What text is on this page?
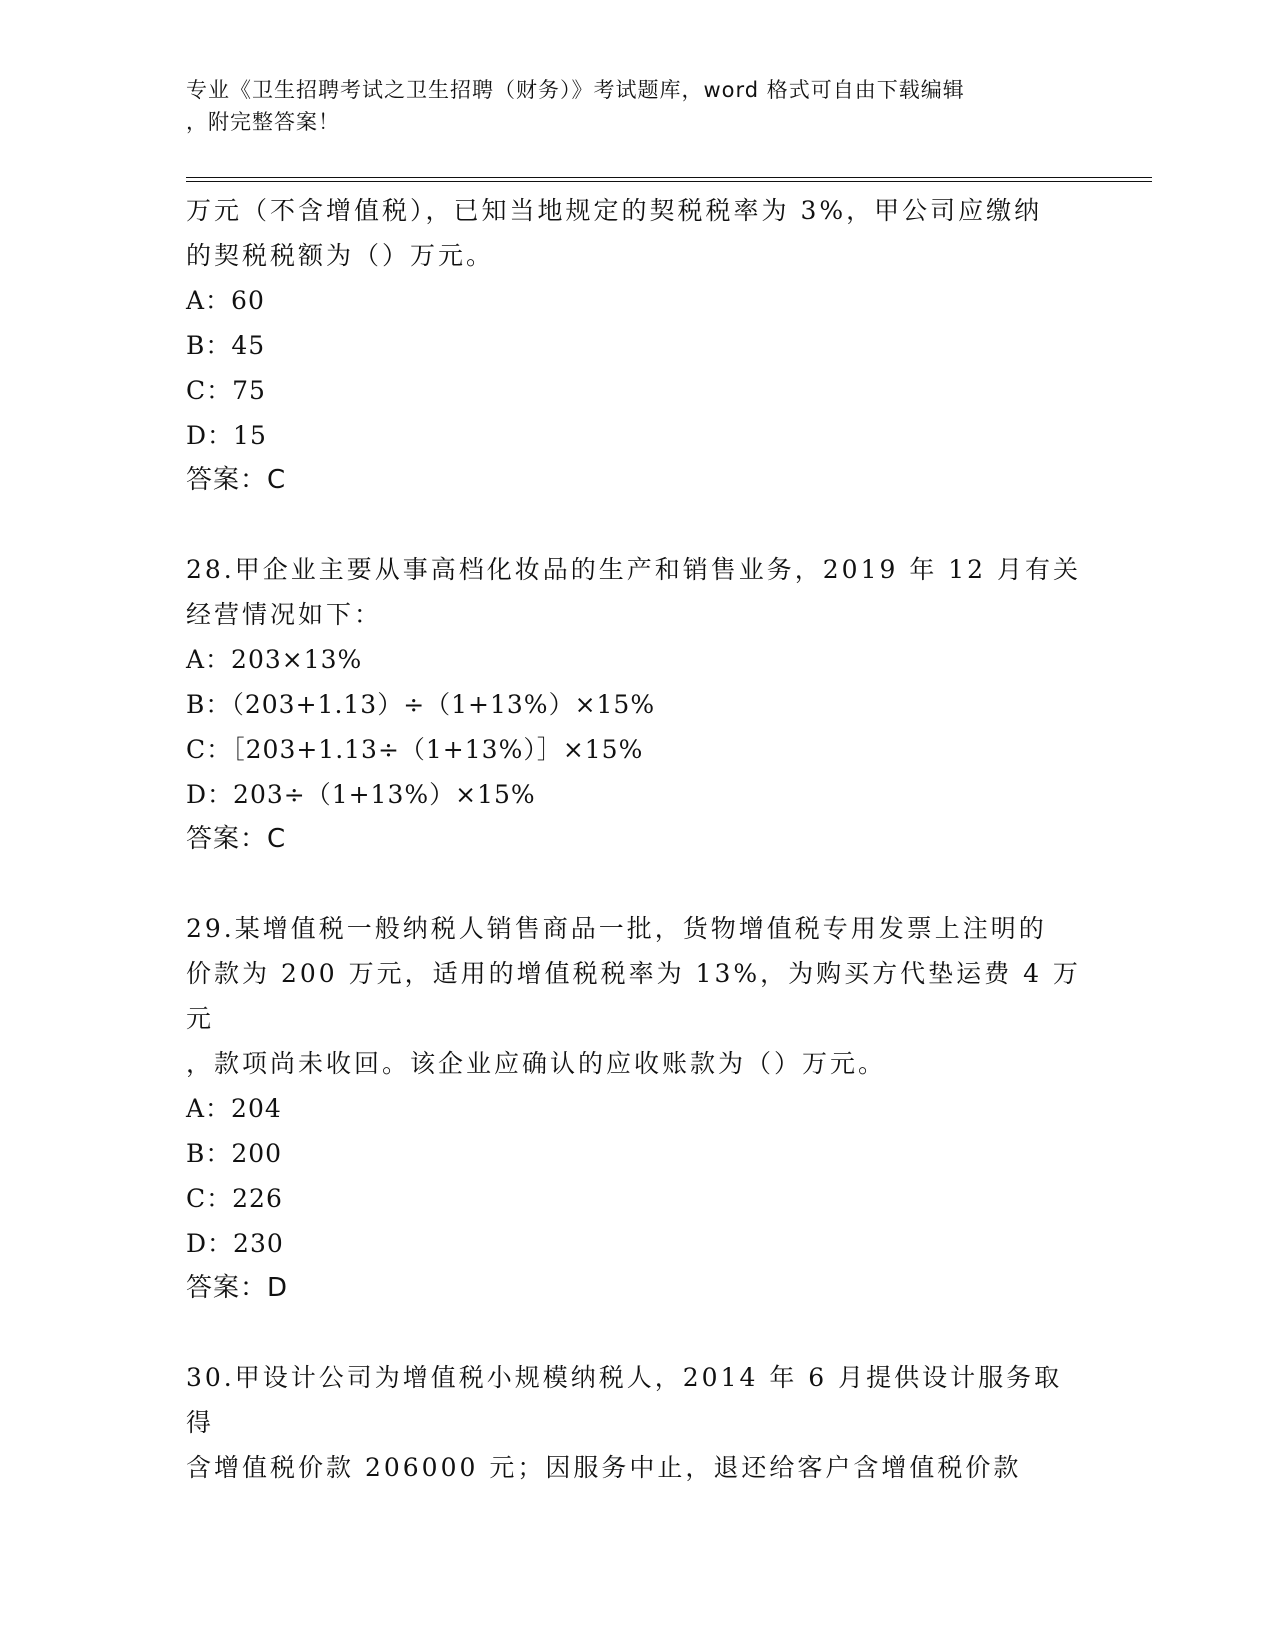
专业《卫生招聘考试之卫生招聘（财务）》考试题库，word 格式可自由下载编辑
，附完整答案！

万元（不含增值税），已知当地规定的契税税率为 3%，甲公司应缴纳
的契税税额为（）万元。

A：60

B：45

C：75

D：15

答案：C

28.甲企业主要从事高档化妆品的生产和销售业务，2019 年 12 月有关
经营情况如下：

A：203×13%

B：（203+1.13）÷（1+13%）×15%

C：［203+1.13÷（1+13%）］×15%

D：203÷（1+13%）×15%

答案：C

29.某增值税一般纳税人销售商品一批，货物增值税专用发票上注明的
价款为 200 万元，适用的增值税税率为 13%，为购买方代垫运费 4 万元
，款项尚未收回。该企业应确认的应收账款为（）万元。

A：204

B：200

C：226

D：230

答案：D

30.甲设计公司为增值税小规模纳税人，2014 年 6 月提供设计服务取得
含增值税价款 206000 元；因服务中止，退还给客户含增值税价款
